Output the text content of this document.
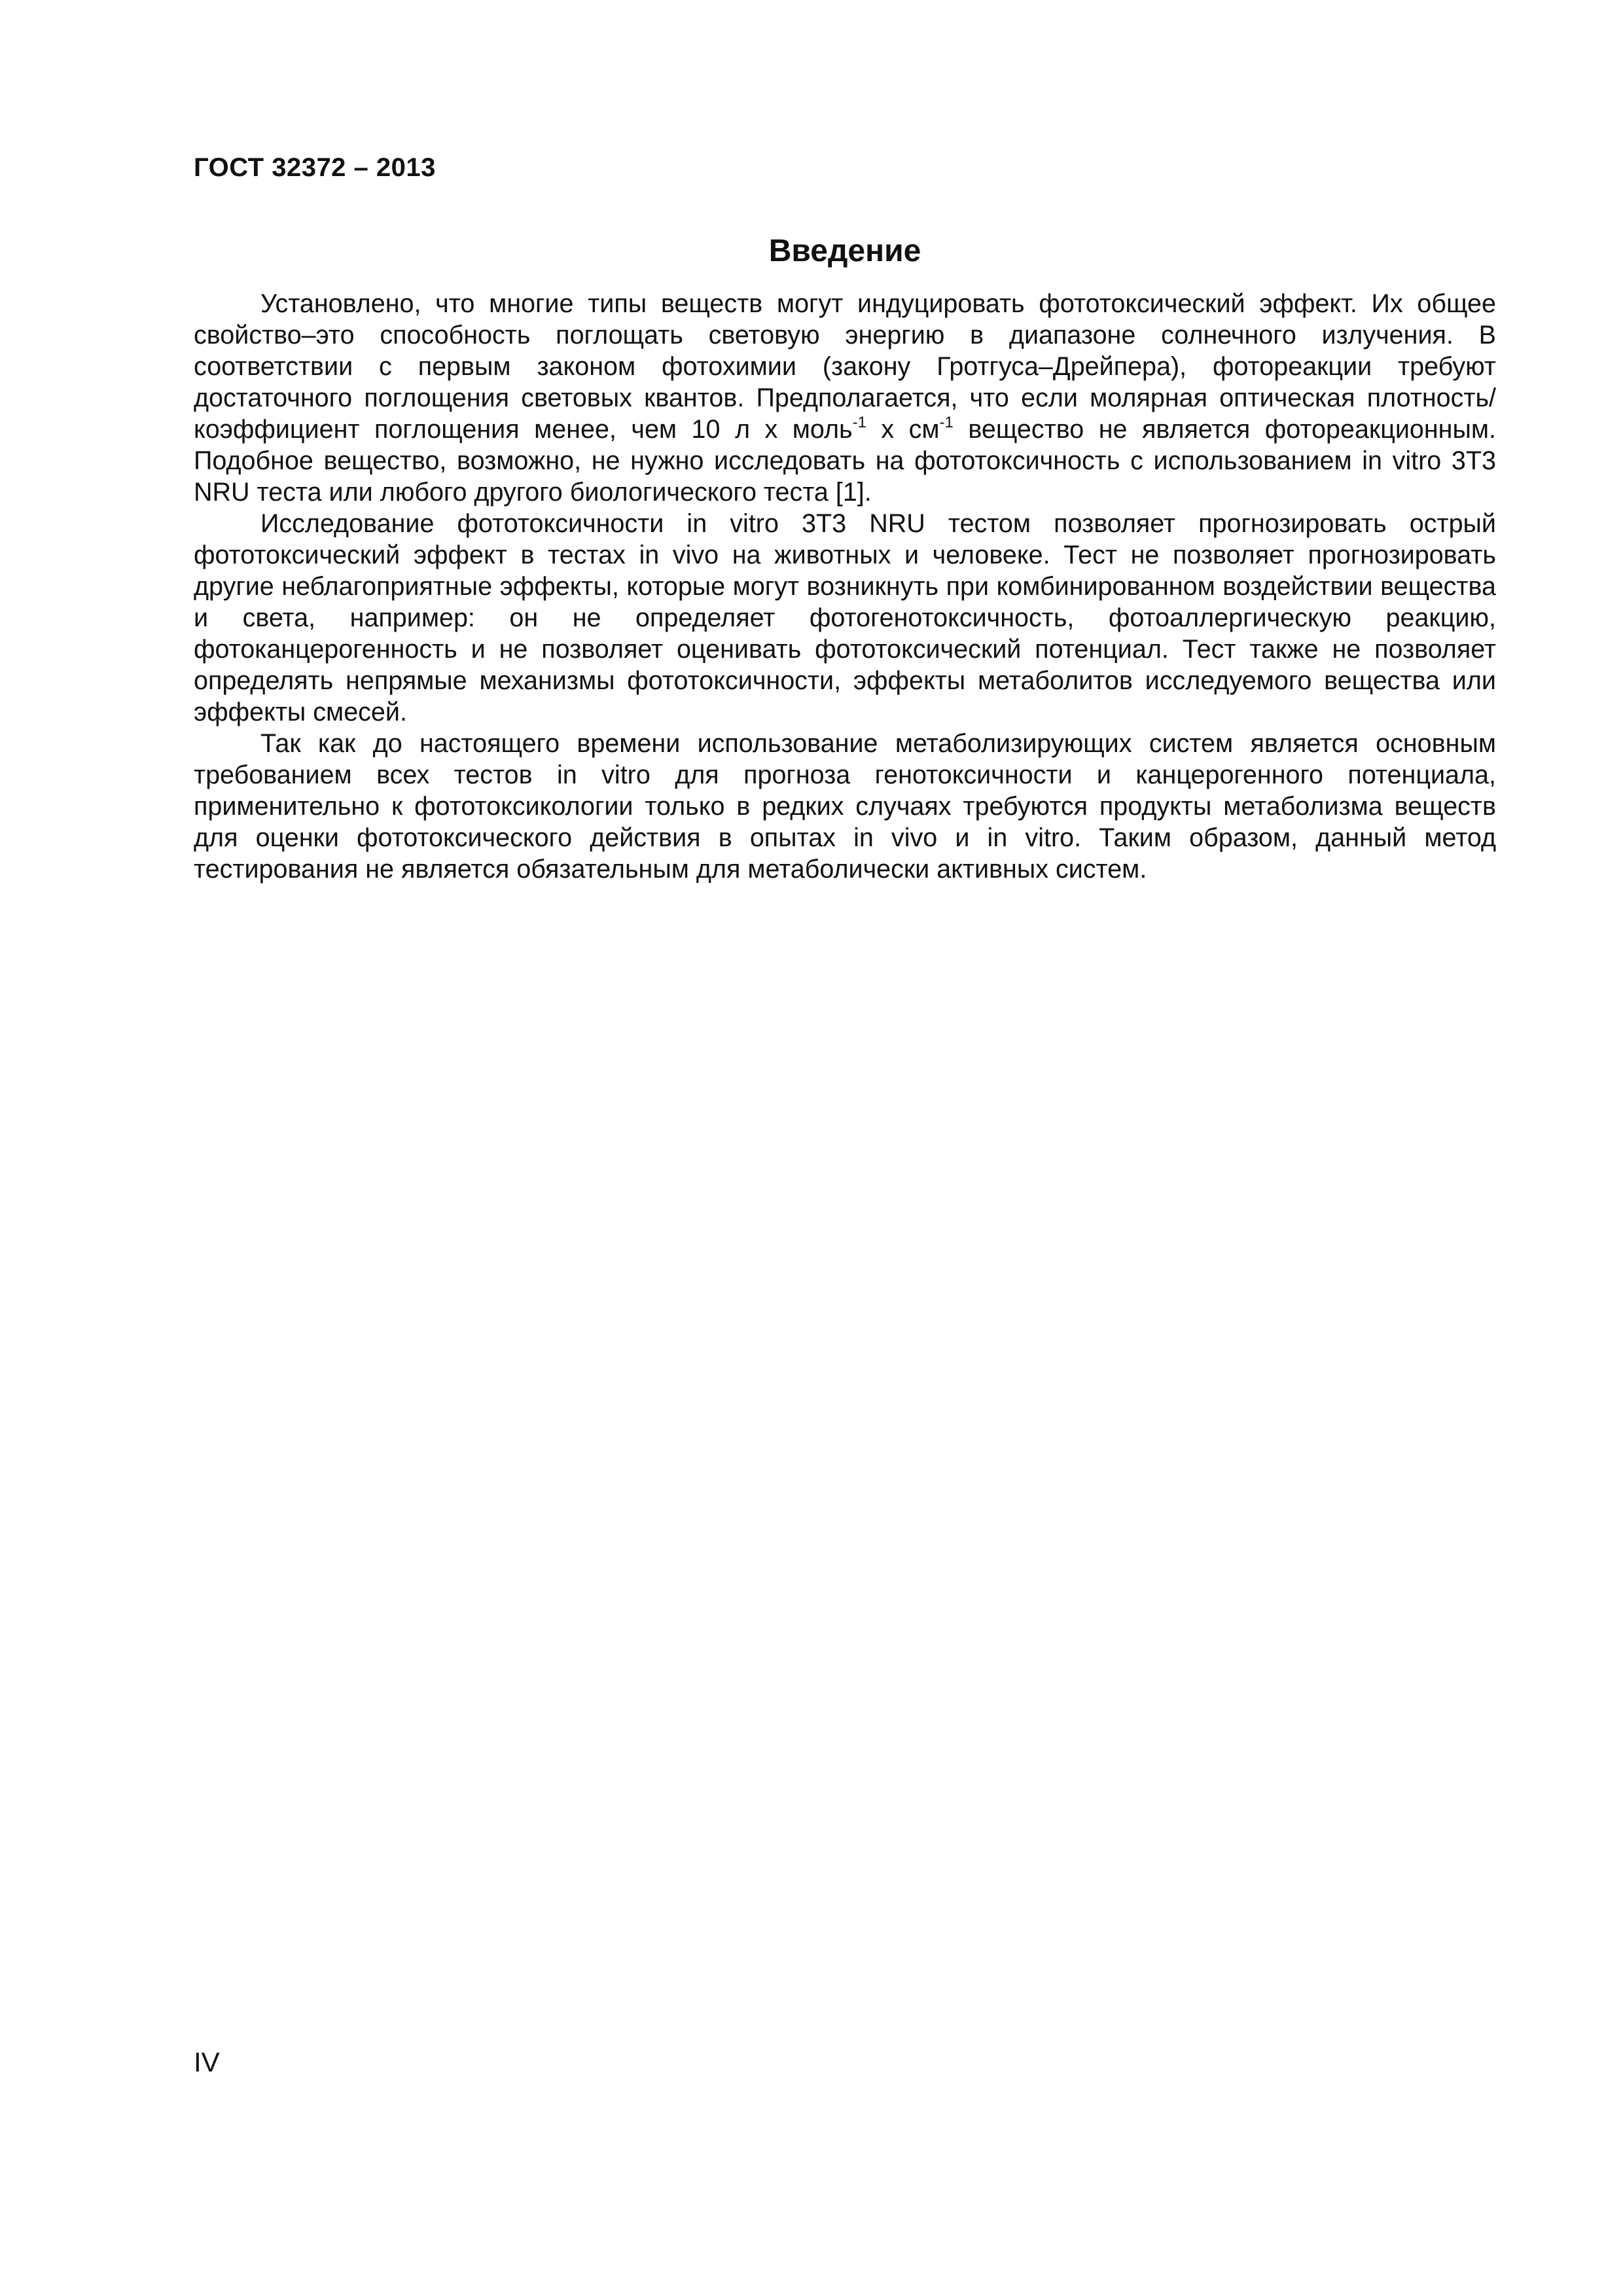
ГОСТ 32372 – 2013
Введение

Установлено, что многие типы веществ могут индуцировать фототоксический эффект. Их общее свойство–это способность поглощать световую энергию в диапазоне солнечного излучения. В соответствии с первым законом фотохимии (закону Гротгуса–Дрейпера), фотореакции требуют достаточного поглощения световых квантов. Предполагается, что если молярная оптическая плотность/коэффициент поглощения менее, чем 10 л х моль$^{-1}$ х $см^{-1}$ вещество не является фотореакционным. Подобное вещество, возможно, не нужно исследовать на фототоксичность с использованием in vitro 3T3 NRU теста или любого другого биологического теста [1].

Исследование фототоксичности in vitro 3T3 NRU тестом позволяет прогнозировать острый фототоксический эффект в тестах in vivo на животных и человеке. Тест не позволяет прогнозировать другие неблагоприятные эффекты, которые могут возникнуть при комбинированном воздействии вещества и света, например: он не определяет фотогенотоксичность, фотоаллергическую реакцию, фотоканцерогенность и не позволяет оценивать фототоксический потенциал. Тест также не позволяет определять непрямые механизмы фототоксичности, эффекты метаболитов исследуемого вещества или эффекты смесей.

Так как до настоящего времени использование метаболизирующих систем является основным требованием всех тестов in vitro для прогноза генотоксичности и канцерогенного потенциала, применительно к фототоксикологии только в редких случаях требуются продукты метаболизма веществ для оценки фототоксического действия в опытах in vivo и in vitro. Таким образом, данный метод тестирования не является обязательным для метаболически активных систем.

IV
